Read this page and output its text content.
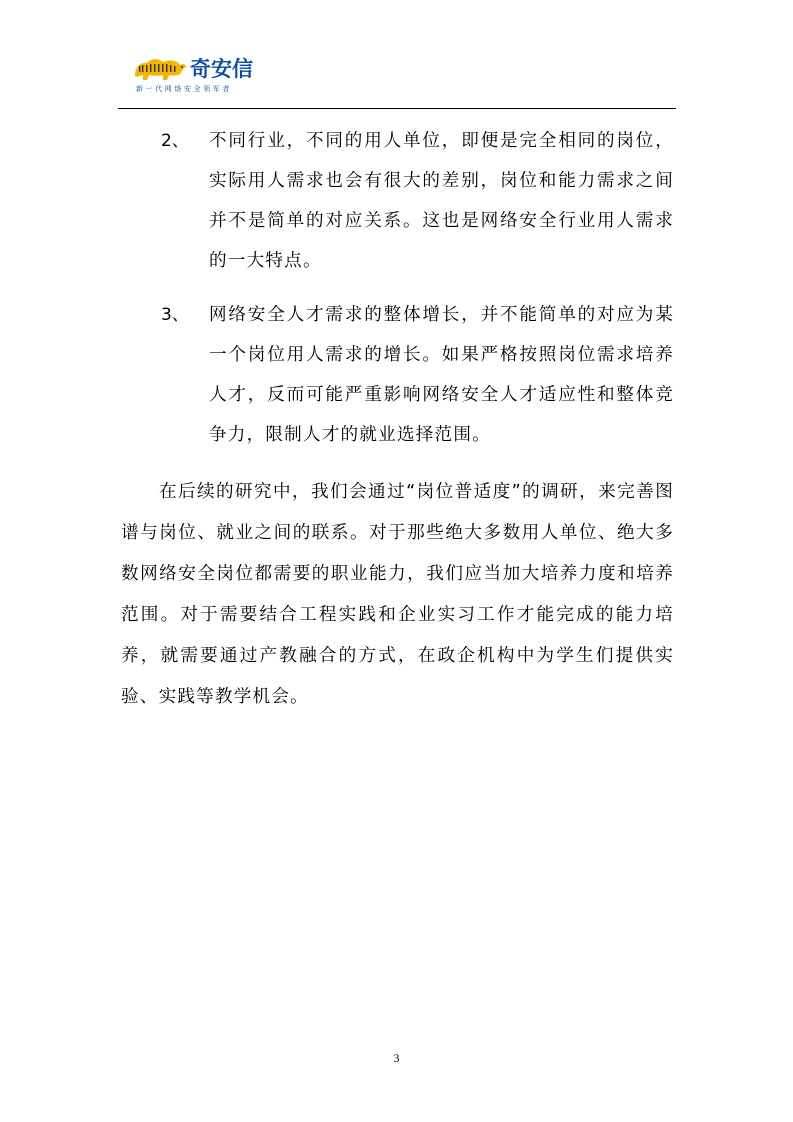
奇安信
新一代网络安全领军者
2、 不同行业，不同的用人单位，即便是完全相同的岗位，实际用人需求也会有很大的差别，岗位和能力需求之间并不是简单的对应关系。这也是网络安全行业用人需求的一大特点。
3、 网络安全人才需求的整体增长，并不能简单的对应为某一个岗位用人需求的增长。如果严格按照岗位需求培养人才，反而可能严重影响网络安全人才适应性和整体竞争力，限制人才的就业选择范围。
在后续的研究中，我们会通过“岗位普适度”的调研，来完善图谱与岗位、就业之间的联系。对于那些绝大多数用人单位、绝大多数网络安全岗位都需要的职业能力，我们应当加大培养力度和培养范围。对于需要结合工程实践和企业实习工作才能完成的能力培养，就需要通过产教融合的方式，在政企机构中为学生们提供实验、实践等教学机会。
3
